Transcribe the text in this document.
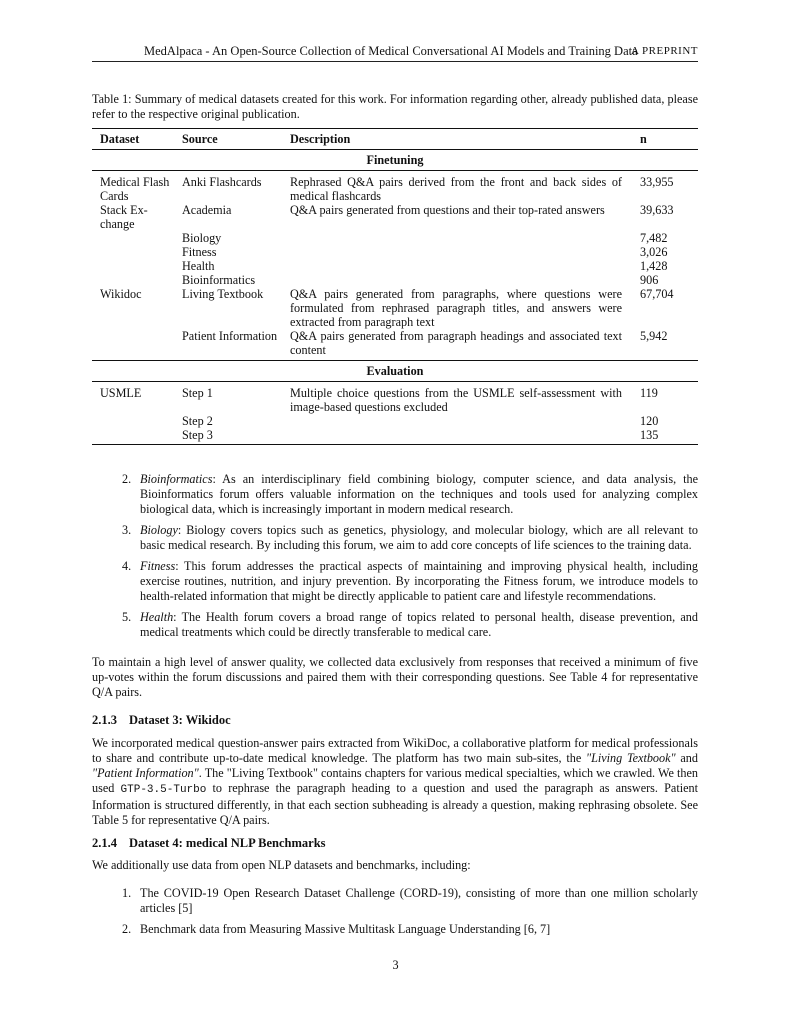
MedAlpaca - An Open-Source Collection of Medical Conversational AI Models and Training Data
A PREPRINT
Table 1: Summary of medical datasets created for this work. For information regarding other, already published data, please refer to the respective original publication.
Dataset	Source	Description	n
Finetuning			

Medical Flash Cards	Anki Flashcards	Rephrased Q&A pairs derived from the front and back sides of medical flashcards	33,955
Stack Ex- change	Academia	Q&A pairs generated from questions and their top-rated answers	39,633
	Biology		7,482
	Fitness		3,026
	Health		1,428
	Bioinformatics		906
Wikidoc	Living Textbook	Q&A pairs generated from paragraphs, where questions were formulated from rephrased paragraph titles, and answers were extracted from paragraph text	67,704
	Patient Information	Q&A pairs generated from paragraph headings and associated text content	5,942

Evaluation			

USMLE	Step 1	Multiple choice questions from the USMLE self-assessment with image-based questions excluded	119
	Step 2		120
	Step 3		135
2. Bioinformatics: As an interdisciplinary field combining biology, computer science, and data analysis, the Bioinformatics forum offers valuable information on the techniques and tools used for analyzing complex biological data, which is increasingly important in modern medical research.
3. Biology: Biology covers topics such as genetics, physiology, and molecular biology, which are all relevant to basic medical research. By including this forum, we aim to add core concepts of life sciences to the training data.
4. Fitness: This forum addresses the practical aspects of maintaining and improving physical health, including exercise routines, nutrition, and injury prevention. By incorporating the Fitness forum, we introduce models to health-related information that might be directly applicable to patient care and lifestyle recommendations.
5. Health: The Health forum covers a broad range of topics related to personal health, disease prevention, and medical treatments which could be directly transferable to medical care.
To maintain a high level of answer quality, we collected data exclusively from responses that received a minimum of five up-votes within the forum discussions and paired them with their corresponding questions. See Table 4 for representative Q/A pairs.
2.1.3 Dataset 3: Wikidoc
We incorporated medical question-answer pairs extracted from WikiDoc, a collaborative platform for medical professionals to share and contribute up-to-date medical knowledge. The platform has two main sub-sites, the "Living Textbook" and "Patient Information". The "Living Textbook" contains chapters for various medical specialties, which we crawled. We then used GTP-3.5-Turbo to rephrase the paragraph heading to a question and used the paragraph as answers. Patient Information is structured differently, in that each section subheading is already a question, making rephrasing obsolete. See Table 5 for representative Q/A pairs.
2.1.4 Dataset 4: medical NLP Benchmarks
We additionally use data from open NLP datasets and benchmarks, including:
1. The COVID-19 Open Research Dataset Challenge (CORD-19), consisting of more than one million scholarly articles [5]
2. Benchmark data from Measuring Massive Multitask Language Understanding [6, 7]
3
